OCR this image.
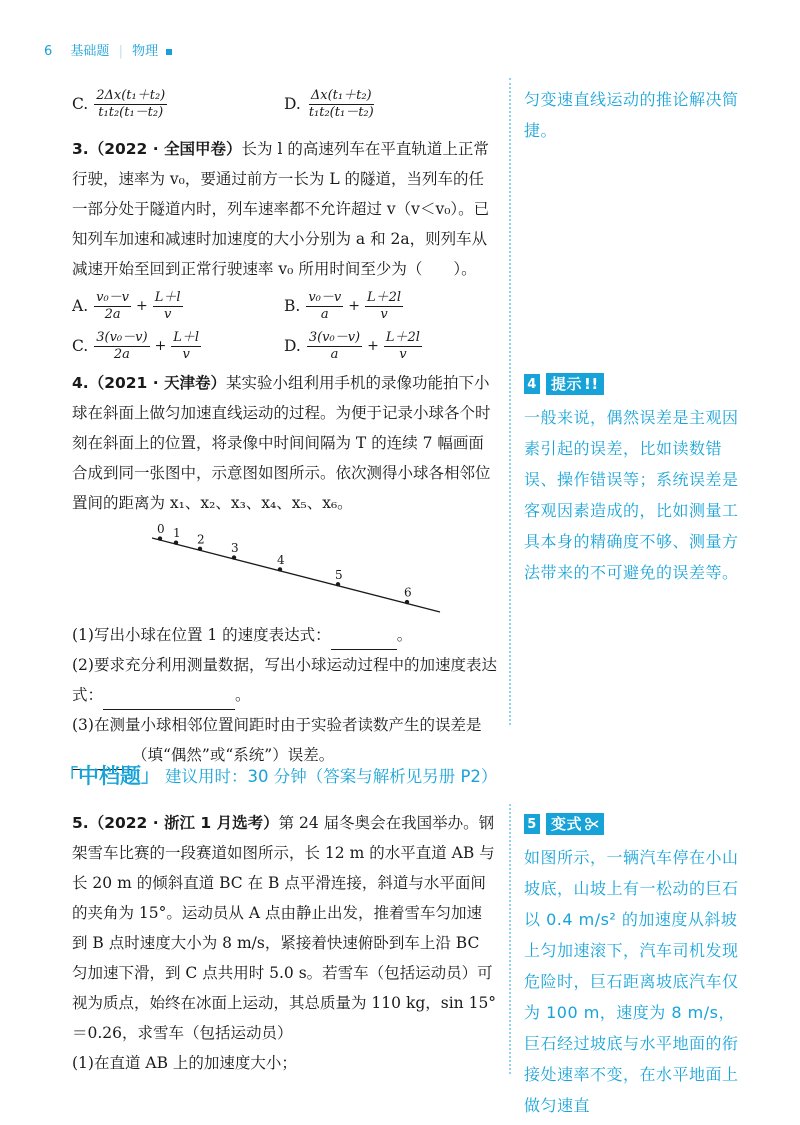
6 基础题 | 物理
C. $\frac{\text{2Δx(t₁＋t₂)}}{\text{t₁t₂(t₁－t₂)}}$	D. $\frac{\text{Δx(t₁＋t₂)}}{\text{t₁t₂(t₁－t₂)}}$
3.（2022 · 全国甲卷）长为 l 的高速列车在平直轨道上正常行驶，速率为 v₀，要通过前方一长为 L 的隧道，当列车的任一部分处于隧道内时，列车速率都不允许超过 v（v＜v₀）。已知列车加速和减速时加速度的大小分别为 a 和 2a，则列车从减速开始至回到正常行驶速率 v₀ 所用时间至少为（　　）。
A. $\frac{\text{v₀－v}}{2a} + \frac{L+l}{v}$	B. $\frac{\text{v₀－v}}{a} + \frac{L+2l}{v}$
C. $\frac{\text{3(v₀－v)}}{2a} + \frac{L+l}{v}$	D. $\frac{\text{3(v₀－v)}}{a} + \frac{L+2l}{v}$
4.（2021 · 天津卷）某实验小组利用手机的录像功能拍下小球在斜面上做匀加速直线运动的过程。为便于记录小球各个时刻在斜面上的位置，将录像中时间间隔为 T 的连续 7 幅画面合成到同一张图中，示意图如图所示。依次测得小球各相邻位置间的距离为 x₁、x₂、x₃、x₄、x₅、x₆。
0 1 2
3
4
5
6
(1)写出小球在位置 1 的速度表达式：	。
(2)要求充分利用测量数据，写出小球运动过程中的加速度表达式：	。
(3)在测量小球相邻位置间距时由于实验者读数产生的误差是（填“偶然”或“系统”）误差。
匀变速直线运动的推论解决简捷。
4 提示 !!
一般来说，偶然误差是主观因素引起的误差，比如读数错误、操作错误等；系统误差是客观因素造成的，比如测量工具本身的精确度不够、测量方法带来的不可避免的误差等。
「 中档题 」 建议用时：30 分钟（答案与解析见另册 P2）
5.（2022 · 浙江 1 月选考）第 24 届冬奥会在我国举办。钢架雪车比赛的一段赛道如图所示，长 12 m 的水平直道 AB 与长 20 m 的倾斜直道 BC 在 B 点平滑连接，斜道与水平面间的夹角为 15°。运动员从 A 点由静止出发，推着雪车匀加速到 B 点时速度大小为 8 m/s，紧接着快速俯卧到车上沿 BC 匀加速下滑，到 C 点共用时 5.0 s。若雪车（包括运动员）可视为质点，始终在冰面上运动，其总质量为 110 kg，sin 15°＝0.26，求雪车（包括运动员）
(1)在直道 AB 上的加速度大小；
5 变式
如图所示，一辆汽车停在小山坡底，山坡上有一松动的巨石以 0.4 m/s² 的加速度从斜坡上匀加速滚下，汽车司机发现危险时，巨石距离坡底汽车仅为 100 m，速度为 8 m/s，巨石经过坡底与水平地面的衔接处速率不变，在水平地面上做匀速直
